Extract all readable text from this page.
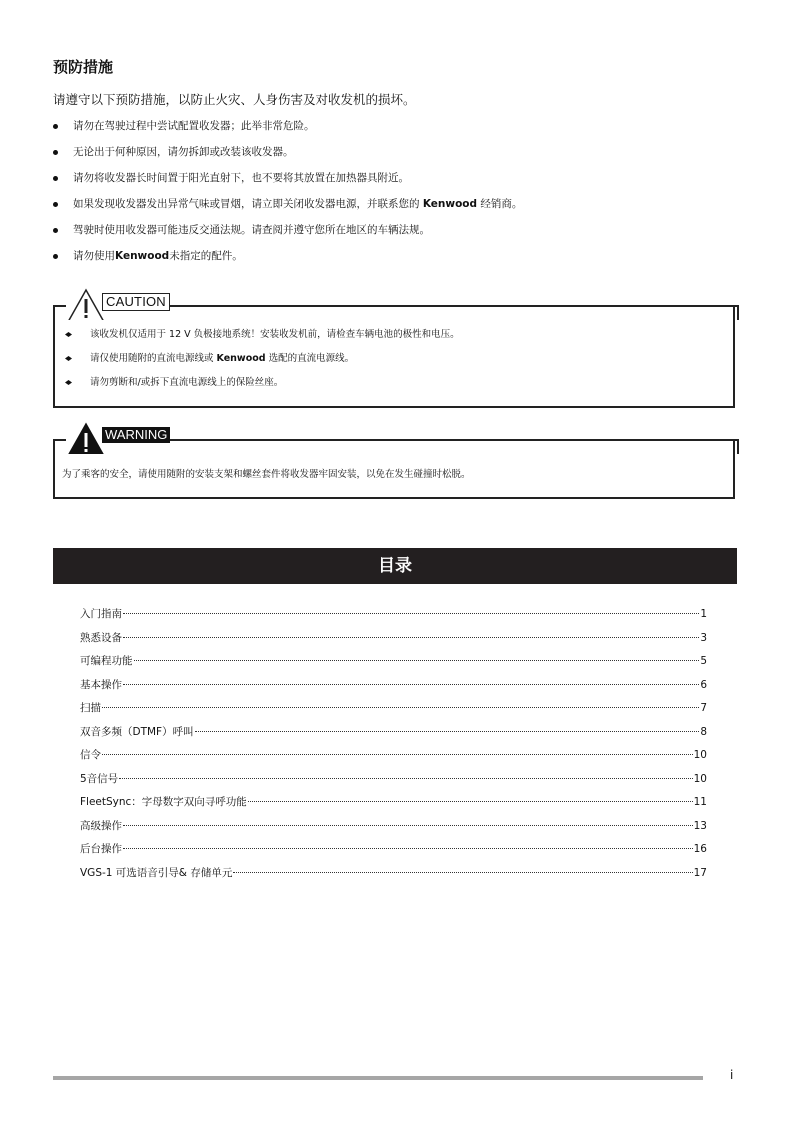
预防措施
请遵守以下预防措施，以防止火灾、人身伤害及对收发机的损坏。
请勿在驾驶过程中尝试配置收发器；此举非常危险。
无论出于何种原因，请勿拆卸或改装该收发器。
请勿将收发器长时间置于阳光直射下，也不要将其放置在加热器具附近。
如果发现收发器发出异常气味或冒烟，请立即关闭收发器电源，并联系您的 Kenwood 经销商。
驾驶时使用收发器可能违反交通法规。请查阅并遵守您所在地区的车辆法规。
请勿使用Kenwood未指定的配件。
CAUTION
该收发机仅适用于 12 V 负极接地系统！安装收发机前，请检查车辆电池的极性和电压。
请仅使用随附的直流电源线或 Kenwood 选配的直流电源线。
请勿剪断和/或拆下直流电源线上的保险丝座。
WARNING
为了乘客的安全，请使用随附的安装支架和螺丝套件将收发器牢固安装，以免在发生碰撞时松脱。
目录
入门指南	1
熟悉设备	3
可编程功能	5
基本操作	6
扫描	7
双音多频（DTMF）呼叫	8
信令	10
5音信号	10
FleetSync：字母数字双向寻呼功能	11
高级操作	13
后台操作	16
VGS-1 可选语音引导& 存储单元	17
i
